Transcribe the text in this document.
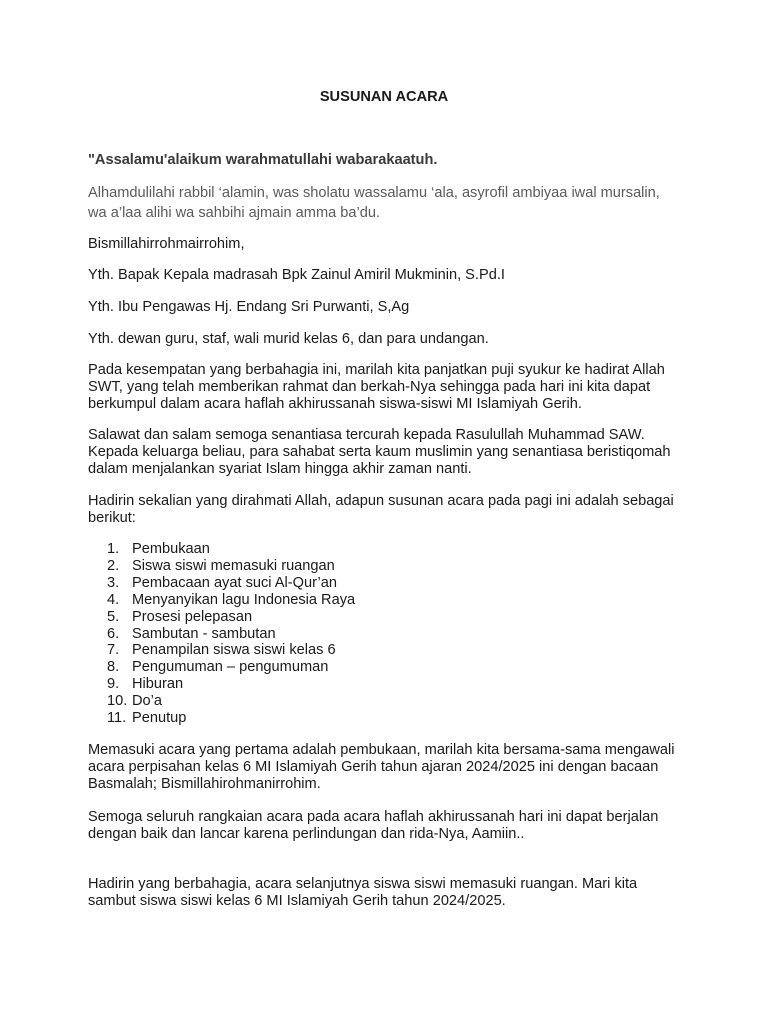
SUSUNAN ACARA
"Assalamu'alaikum warahmatullahi wabarakaatuh.
Alhamdulilahi rabbil ‘alamin, was sholatu wassalamu ‘ala, asyrofil ambiyaa iwal mursalin,
wa a’laa alihi wa sahbihi ajmain amma ba’du.
Bismillahirrohmairrohim,
Yth. Bapak Kepala madrasah Bpk Zainul Amiril Mukminin, S.Pd.I
Yth. Ibu Pengawas Hj. Endang Sri Purwanti, S,Ag
Yth. dewan guru, staf, wali murid kelas 6, dan para undangan.
Pada kesempatan yang berbahagia ini, marilah kita panjatkan puji syukur ke hadirat Allah
SWT, yang telah memberikan rahmat dan berkah-Nya sehingga pada hari ini kita dapat
berkumpul dalam acara haflah akhirussanah siswa-siswi MI Islamiyah Gerih.
Salawat dan salam semoga senantiasa tercurah kepada Rasulullah Muhammad SAW.
Kepada keluarga beliau, para sahabat serta kaum muslimin yang senantiasa beristiqomah
dalam menjalankan syariat Islam hingga akhir zaman nanti.
Hadirin sekalian yang dirahmati Allah, adapun susunan acara pada pagi ini adalah sebagai
berikut:
1. Pembukaan
2. Siswa siswi memasuki ruangan
3. Pembacaan ayat suci Al-Qur’an
4. Menyanyikan lagu Indonesia Raya
5. Prosesi pelepasan
6. Sambutan - sambutan
7. Penampilan siswa siswi kelas 6
8. Pengumuman – pengumuman
9. Hiburan
10. Do’a
11. Penutup
Memasuki acara yang pertama adalah pembukaan, marilah kita bersama-sama mengawali
acara perpisahan kelas 6 MI Islamiyah Gerih tahun ajaran 2024/2025 ini dengan bacaan
Basmalah; Bismillahirohmanirrohim.
Semoga seluruh rangkaian acara pada acara haflah akhirussanah hari ini dapat berjalan
dengan baik dan lancar karena perlindungan dan rida-Nya, Aamiin..
Hadirin yang berbahagia, acara selanjutnya siswa siswi memasuki ruangan. Mari kita
sambut siswa siswi kelas 6 MI Islamiyah Gerih tahun 2024/2025.
